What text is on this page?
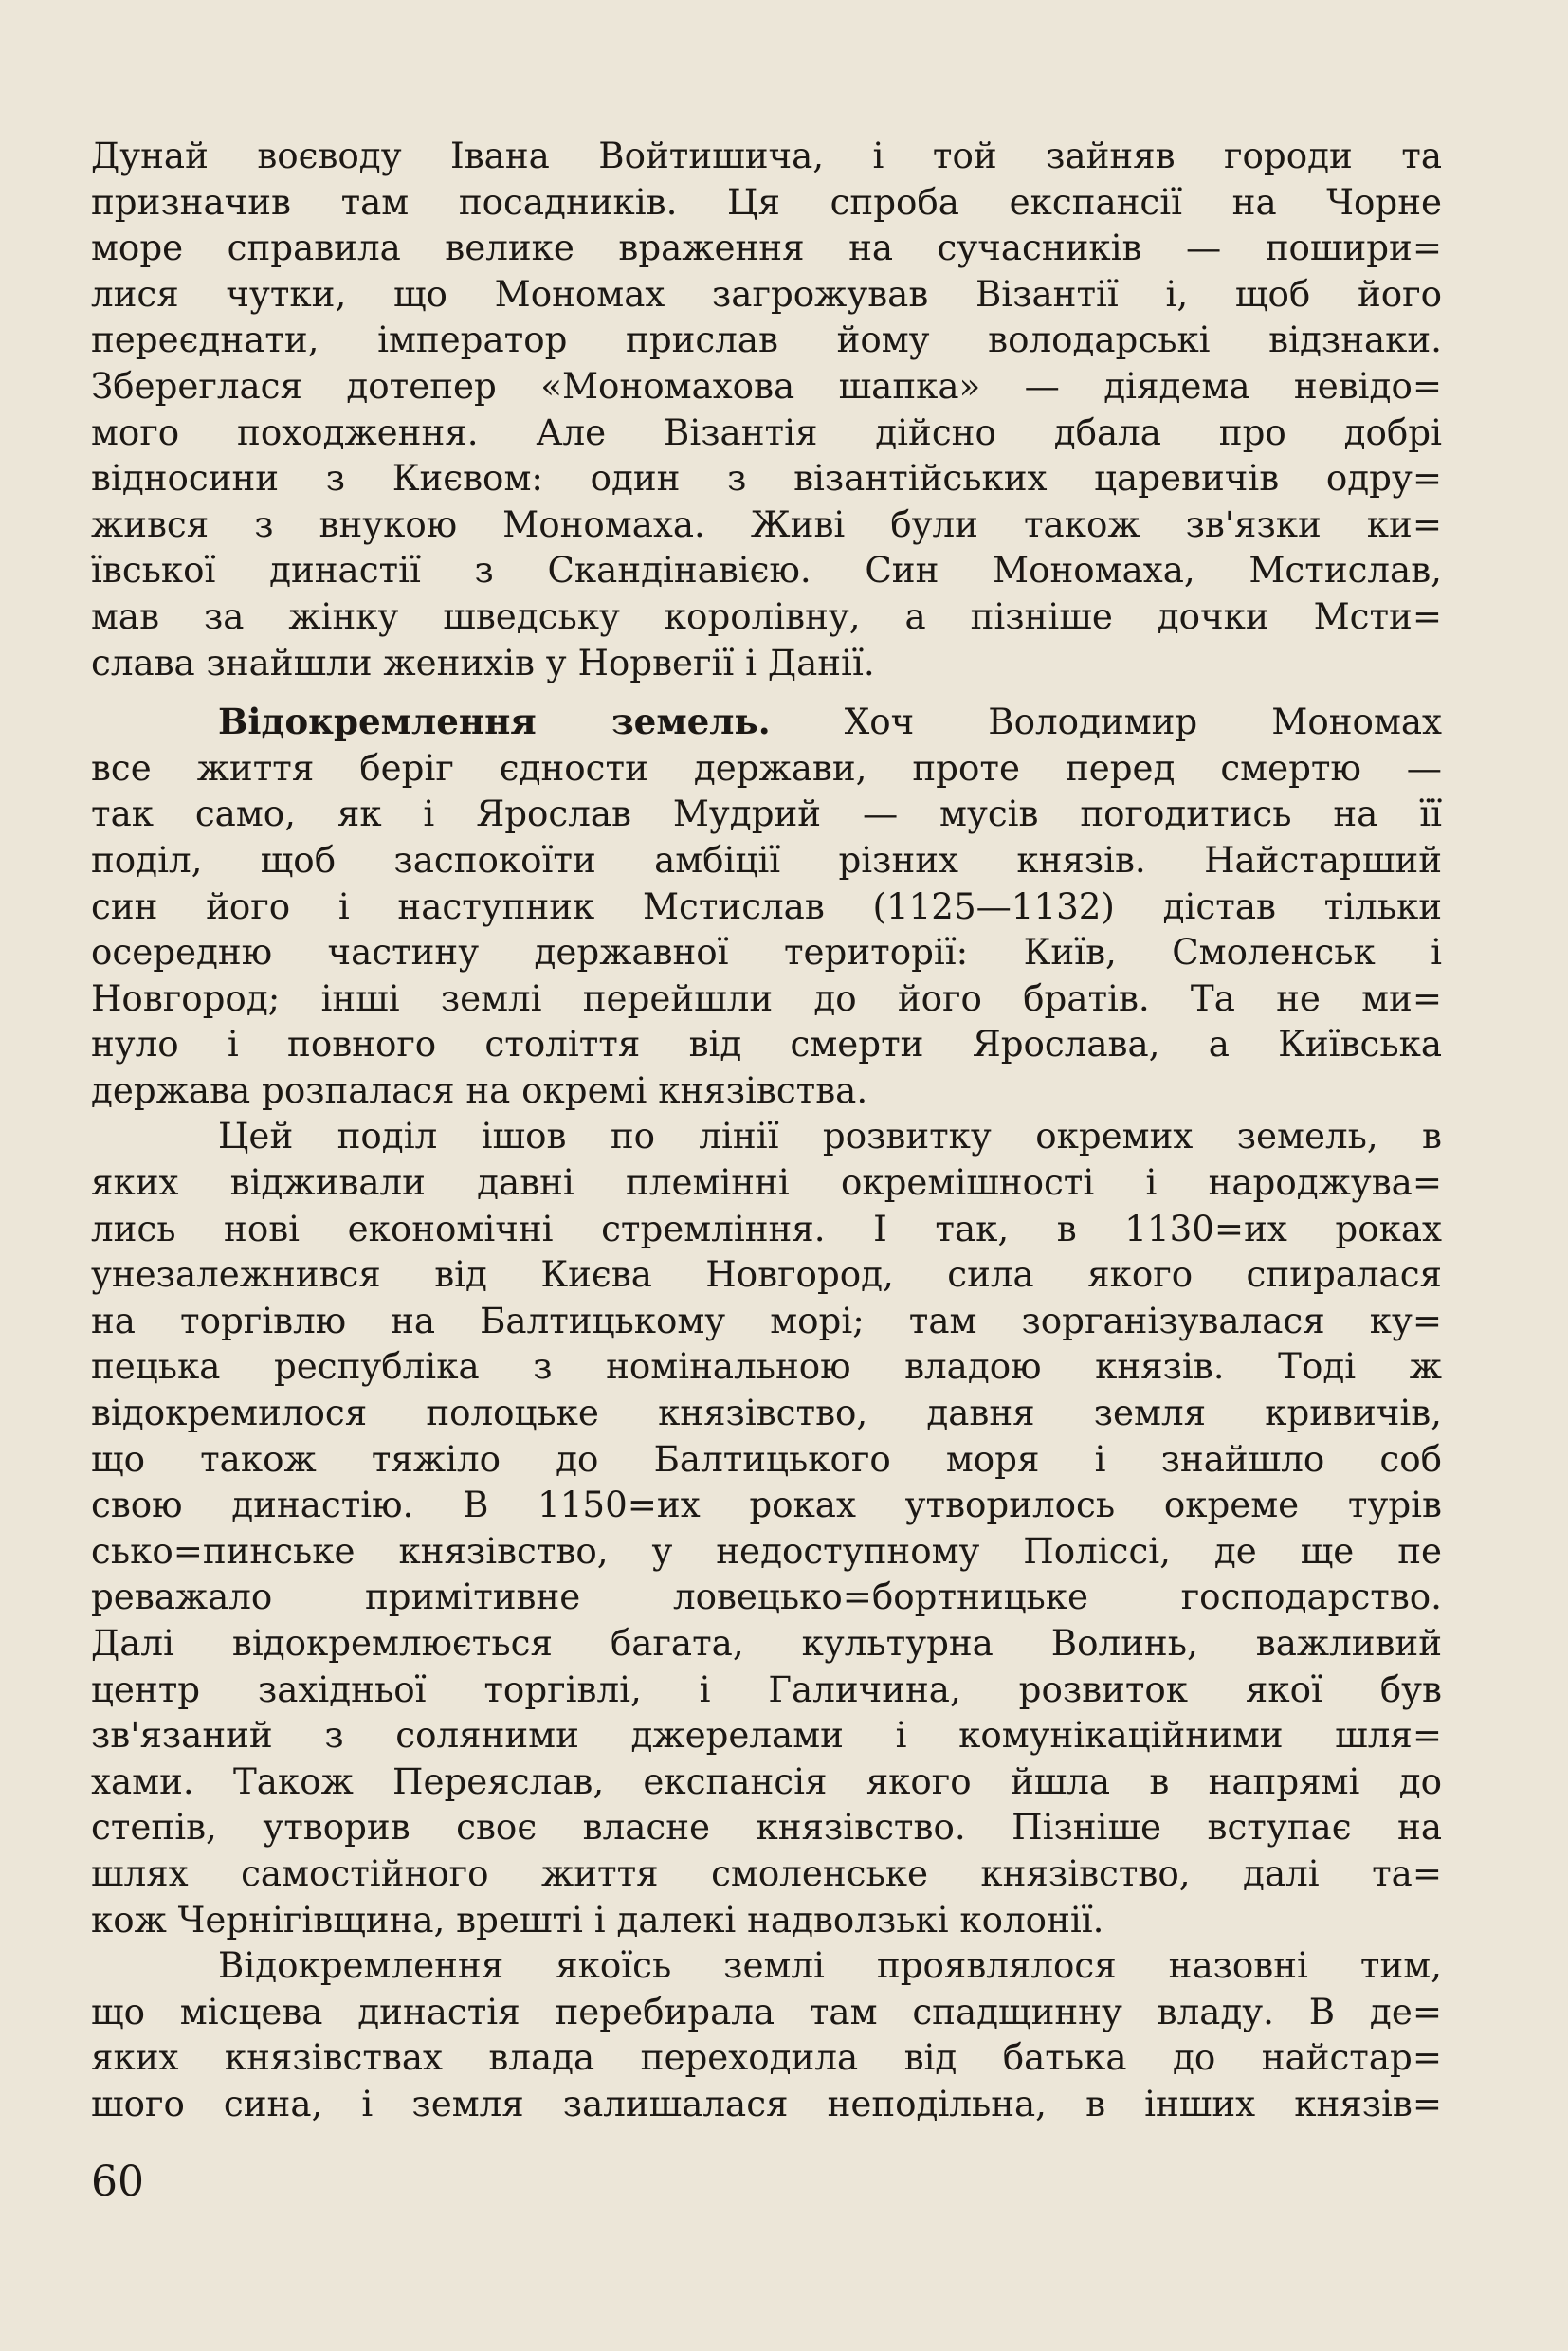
Дунай воєводу Івана Войтишича, і той зайняв городи та
призначив там посадників. Ця спроба експансії на Чорне
море справила велике враження на сучасників — пошири=
лися чутки, що Мономах загрожував Візантії і, щоб його
переєднати, імператор прислав йому володарські відзнаки.
Збереглася дотепер «Мономахова шапка» — діядема невідо=
мого походження. Але Візантія дійсно дбала про добрі
відносини з Києвом: один з візантійських царевичів одру=
жився з внукою Мономаха. Живі були також зв'язки ки=
ївської династії з Скандінавією. Син Мономаха, Мстислав,
мав за жінку шведську королівну, а пізніше дочки Мсти=
слава знайшли женихів у Норвегії і Данії.

Відокремлення земель. Хоч Володимир Мономах
все життя беріг єдности держави, проте перед смертю —
так само, як і Ярослав Мудрий — мусів погодитись на її
поділ, щоб заспокоїти амбіції різних князів. Найстарший
син його і наступник Мстислав (1125—1132) дістав тільки
осередню частину державної території: Київ, Смоленськ і
Новгород; інші землі перейшли до його братів. Та не ми=
нуло і повного століття від смерти Ярослава, а Київська
держава розпалася на окремі князівства.

Цей поділ ішов по лінії розвитку окремих земель, в
яких відживали давні племінні окремішності і народжува=
лись нові економічні стремління. І так, в 1130=их роках
унезалежнився від Києва Новгород, сила якого спиралася
на торгівлю на Балтицькому морі; там зорганізувалася ку=
пецька республіка з номінальною владою князів. Тоді ж
відокремилося полоцьке князівство, давня земля кривичів,
що також тяжіло до Балтицького моря і знайшло соб
свою династію. В 1150=их роках утворилось окреме турів
сько=пинське князівство, у недоступному Поліссі, де ще пе
реважало примітивне ловецько=бортницьке господарство.
Далі відокремлюється багата, культурна Волинь, важливий
центр західньої торгівлі, і Галичина, розвиток якої був
зв'язаний з соляними джерелами і комунікаційними шля=
хами. Також Переяслав, експансія якого йшла в напрямі до
степів, утворив своє власне князівство. Пізніше вступає на
шлях самостійного життя смоленське князівство, далі та=
кож Чернігівщина, врешті і далекі надволзькі колонії.

Відокремлення якоїсь землі проявлялося назовні тим,
що місцева династія перебирала там спадщинну владу. В де=
яких князівствах влада переходила від батька до найстар=
шого сина, і земля залишалася неподільна, в інших князів=

60
